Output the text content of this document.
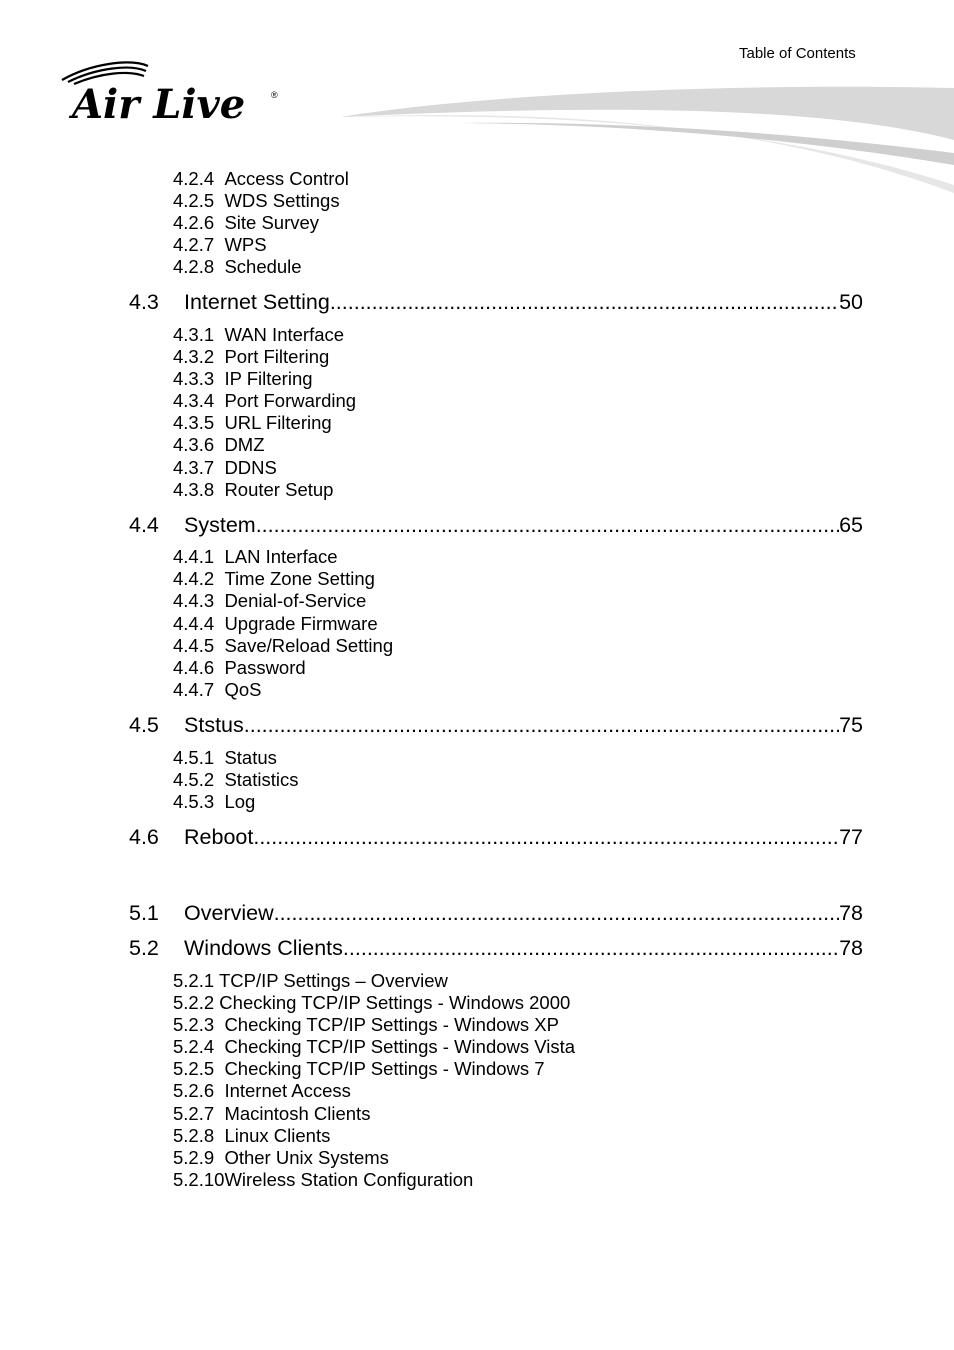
Table of Contents
Air Live	®
4.2.4 Access Control
4.2.5 WDS Settings
4.2.6 Site Survey
4.2.7 WPS
4.2.8 Schedule
4.3	Internet Setting .....	50
4.3.1 WAN Interface
4.3.2 Port Filtering
4.3.3 IP Filtering
4.3.4 Port Forwarding
4.3.5 URL Filtering
4.3.6 DMZ
4.3.7 DDNS
4.3.8 Router Setup
4.4	System .....	65
4.4.1 LAN Interface
4.4.2 Time Zone Setting
4.4.3 Denial-of-Service
4.4.4 Upgrade Firmware
4.4.5 Save/Reload Setting
4.4.6 Password
4.4.7 QoS
4.5	Ststus .....	75
4.5.1 Status
4.5.2 Statistics
4.5.3 Log
4.6	Reboot .....	77
5.1	Overview .....	78
5.2	Windows Clients .....	78
5.2.1 TCP/IP Settings – Overview
5.2.2 Checking TCP/IP Settings - Windows 2000
5.2.3 Checking TCP/IP Settings - Windows XP
5.2.4 Checking TCP/IP Settings - Windows Vista
5.2.5 Checking TCP/IP Settings - Windows 7
5.2.6 Internet Access
5.2.7 Macintosh Clients
5.2.8 Linux Clients
5.2.9 Other Unix Systems
5.2.10Wireless Station Configuration
